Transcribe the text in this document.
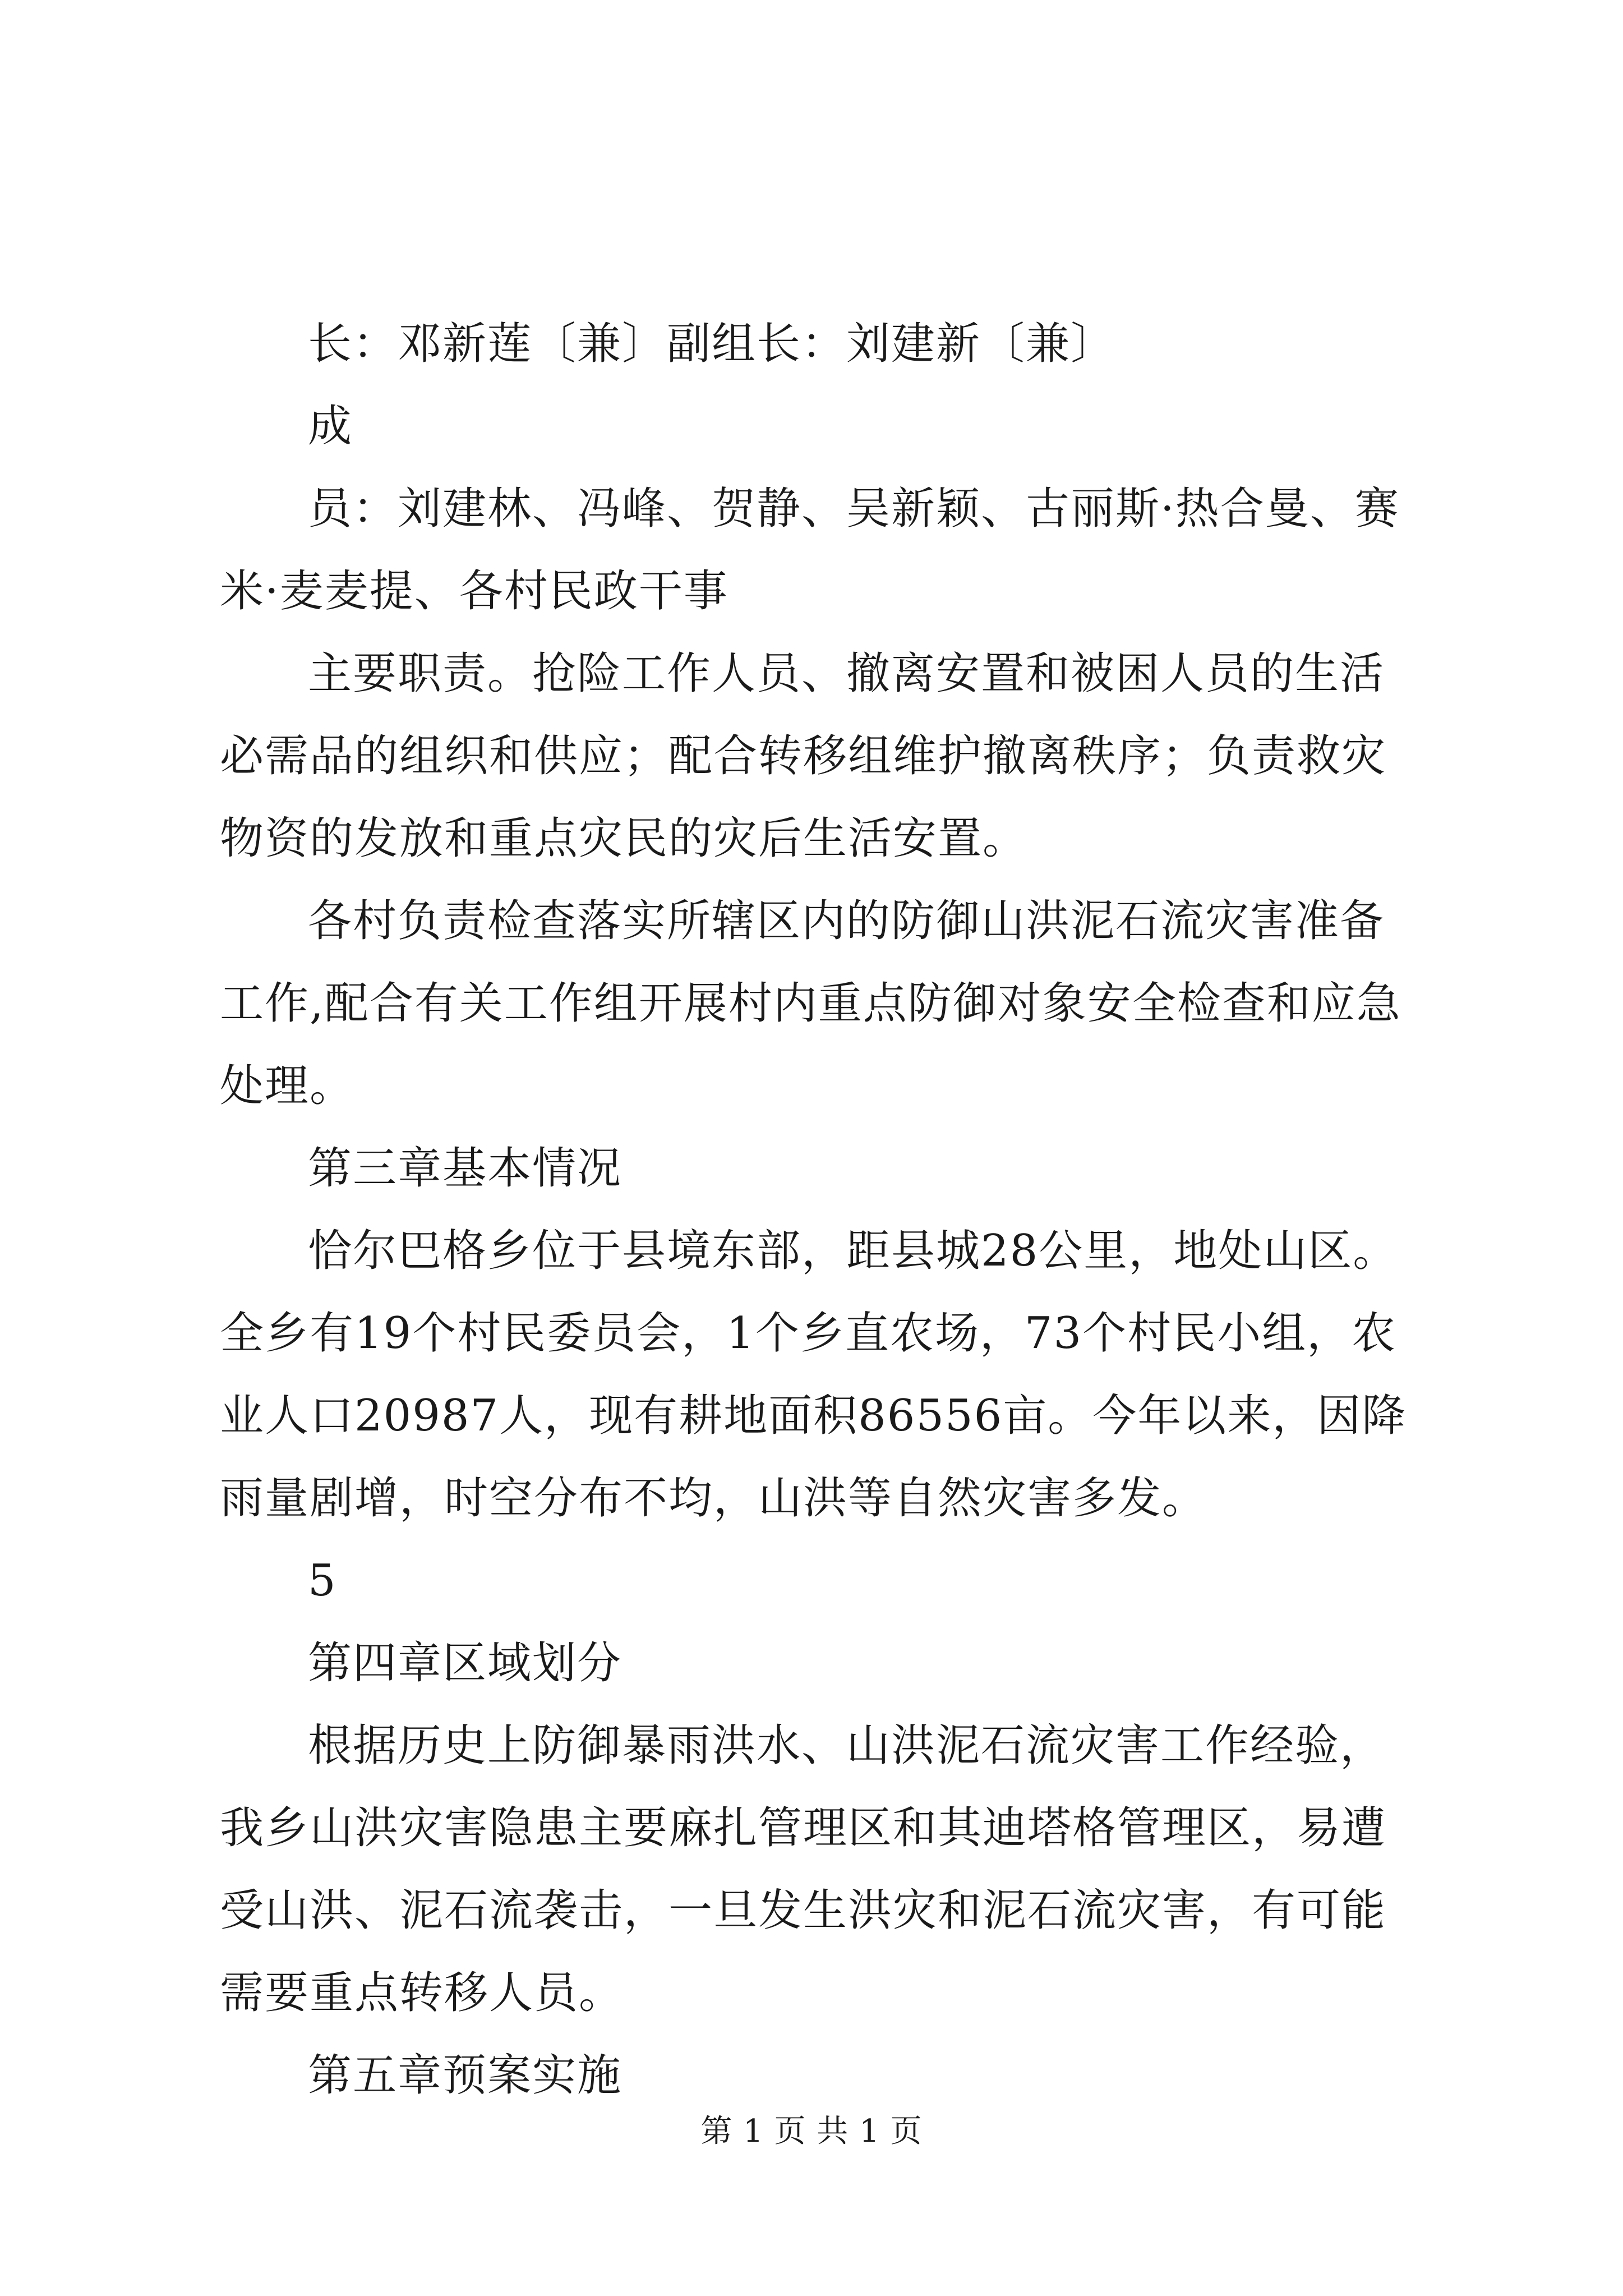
长：邓新莲〔兼〕副组长：刘建新〔兼〕

成

员：刘建林、冯峰、贺静、吴新颖、古丽斯·热合曼、赛米·麦麦提、各村民政干事

主要职责。抢险工作人员、撤离安置和被困人员的生活必需品的组织和供应；配合转移组维护撤离秩序；负责救灾物资的发放和重点灾民的灾后生活安置。

各村负责检查落实所辖区内的防御山洪泥石流灾害准备工作,配合有关工作组开展村内重点防御对象安全检查和应急处理。

第三章基本情况

恰尔巴格乡位于县境东部，距县城28公里，地处山区。全乡有19个村民委员会，1个乡直农场，73个村民小组，农业人口20987人，现有耕地面积86556亩。今年以来，因降雨量剧增，时空分布不均，山洪等自然灾害多发。

5

第四章区域划分

根据历史上防御暴雨洪水、山洪泥石流灾害工作经验，我乡山洪灾害隐患主要麻扎管理区和其迪塔格管理区，易遭受山洪、泥石流袭击，一旦发生洪灾和泥石流灾害，有可能需要重点转移人员。

第五章预案实施

第 1 页 共 1 页
